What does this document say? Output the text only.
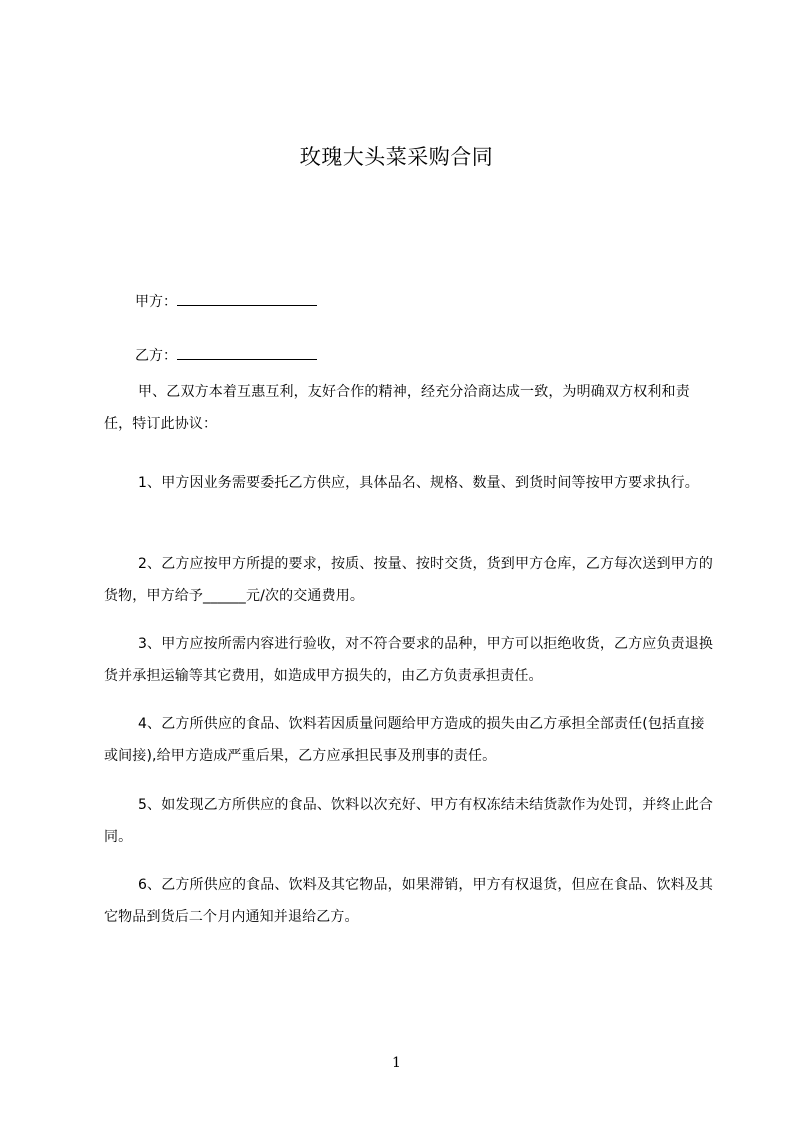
玫瑰大头菜采购合同
甲方：
乙方：

甲、乙双方本着互惠互利，友好合作的精神，经充分洽商达成一致，为明确双方权利和责任，特订此协议：

1、甲方因业务需要委托乙方供应，具体品名、规格、数量、到货时间等按甲方要求执行。

2、乙方应按甲方所提的要求，按质、按量、按时交货，货到甲方仓库，乙方每次送到甲方的货物，甲方给予______元/次的交通费用。

3、甲方应按所需内容进行验收，对不符合要求的品种，甲方可以拒绝收货，乙方应负责退换货并承担运输等其它费用，如造成甲方损失的，由乙方负责承担责任。

4、乙方所供应的食品、饮料若因质量问题给甲方造成的损失由乙方承担全部责任(包括直接或间接),给甲方造成严重后果，乙方应承担民事及刑事的责任。

5、如发现乙方所供应的食品、饮料以次充好、甲方有权冻结未结货款作为处罚，并终止此合同。

6、乙方所供应的食品、饮料及其它物品，如果滞销，甲方有权退货，但应在食品、饮料及其它物品到货后二个月内通知并退给乙方。

1
